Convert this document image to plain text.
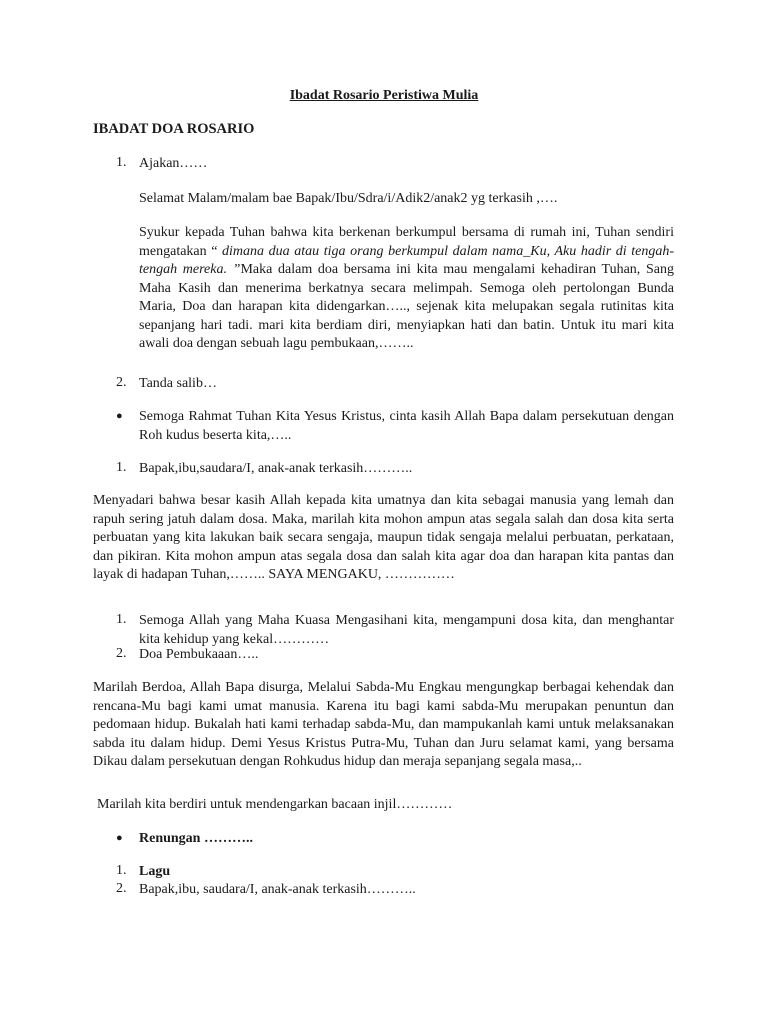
Ibadat Rosario Peristiwa Mulia
IBADAT DOA ROSARIO
1. Ajakan……
Selamat Malam/malam bae Bapak/Ibu/Sdra/i/Adik2/anak2 yg terkasih ,….
Syukur kepada Tuhan bahwa kita berkenan berkumpul bersama di rumah ini, Tuhan sendiri mengatakan “ dimana dua atau tiga orang berkumpul dalam nama_Ku, Aku hadir di tengah-tengah mereka. ”Maka dalam doa bersama ini kita mau mengalami kehadiran Tuhan, Sang Maha Kasih dan menerima berkatnya secara melimpah. Semoga oleh pertolongan Bunda Maria, Doa dan harapan kita didengarkan….., sejenak kita melupakan segala rutinitas kita sepanjang hari tadi. mari kita berdiam diri, menyiapkan hati dan batin. Untuk itu mari kita awali doa dengan sebuah lagu pembukaan,……..
2. Tanda salib…
● Semoga Rahmat Tuhan Kita Yesus Kristus, cinta kasih Allah Bapa dalam persekutuan dengan Roh kudus beserta kita,…..
1. Bapak,ibu,saudara/I, anak-anak terkasih………..
Menyadari bahwa besar kasih Allah kepada kita umatnya dan kita sebagai manusia yang lemah dan rapuh sering jatuh dalam dosa. Maka, marilah kita mohon ampun atas segala salah dan dosa kita serta perbuatan yang kita lakukan baik secara sengaja, maupun tidak sengaja melalui perbuatan, perkataan, dan pikiran. Kita mohon ampun atas segala dosa dan salah kita agar doa dan harapan kita pantas dan layak di hadapan Tuhan,…….. SAYA MENGAKU, ……………
1. Semoga Allah yang Maha Kuasa Mengasihani kita, mengampuni dosa kita, dan menghantar kita kehidup yang kekal…………
2. Doa Pembukaaan…..
Marilah Berdoa, Allah Bapa disurga, Melalui Sabda-Mu Engkau mengungkap berbagai kehendak dan rencana-Mu bagi kami umat manusia. Karena itu bagi kami sabda-Mu merupakan penuntun dan pedomaan hidup. Bukalah hati kami terhadap sabda-Mu, dan mampukanlah kami untuk melaksanakan sabda itu dalam hidup. Demi Yesus Kristus Putra-Mu, Tuhan dan Juru selamat kami, yang bersama Dikau dalam persekutuan dengan Rohkudus hidup dan meraja sepanjang segala masa,..
Marilah kita berdiri untuk mendengarkan bacaan injil…………
● Renungan ………..
1. Lagu
2. Bapak,ibu, saudara/I, anak-anak terkasih………..
